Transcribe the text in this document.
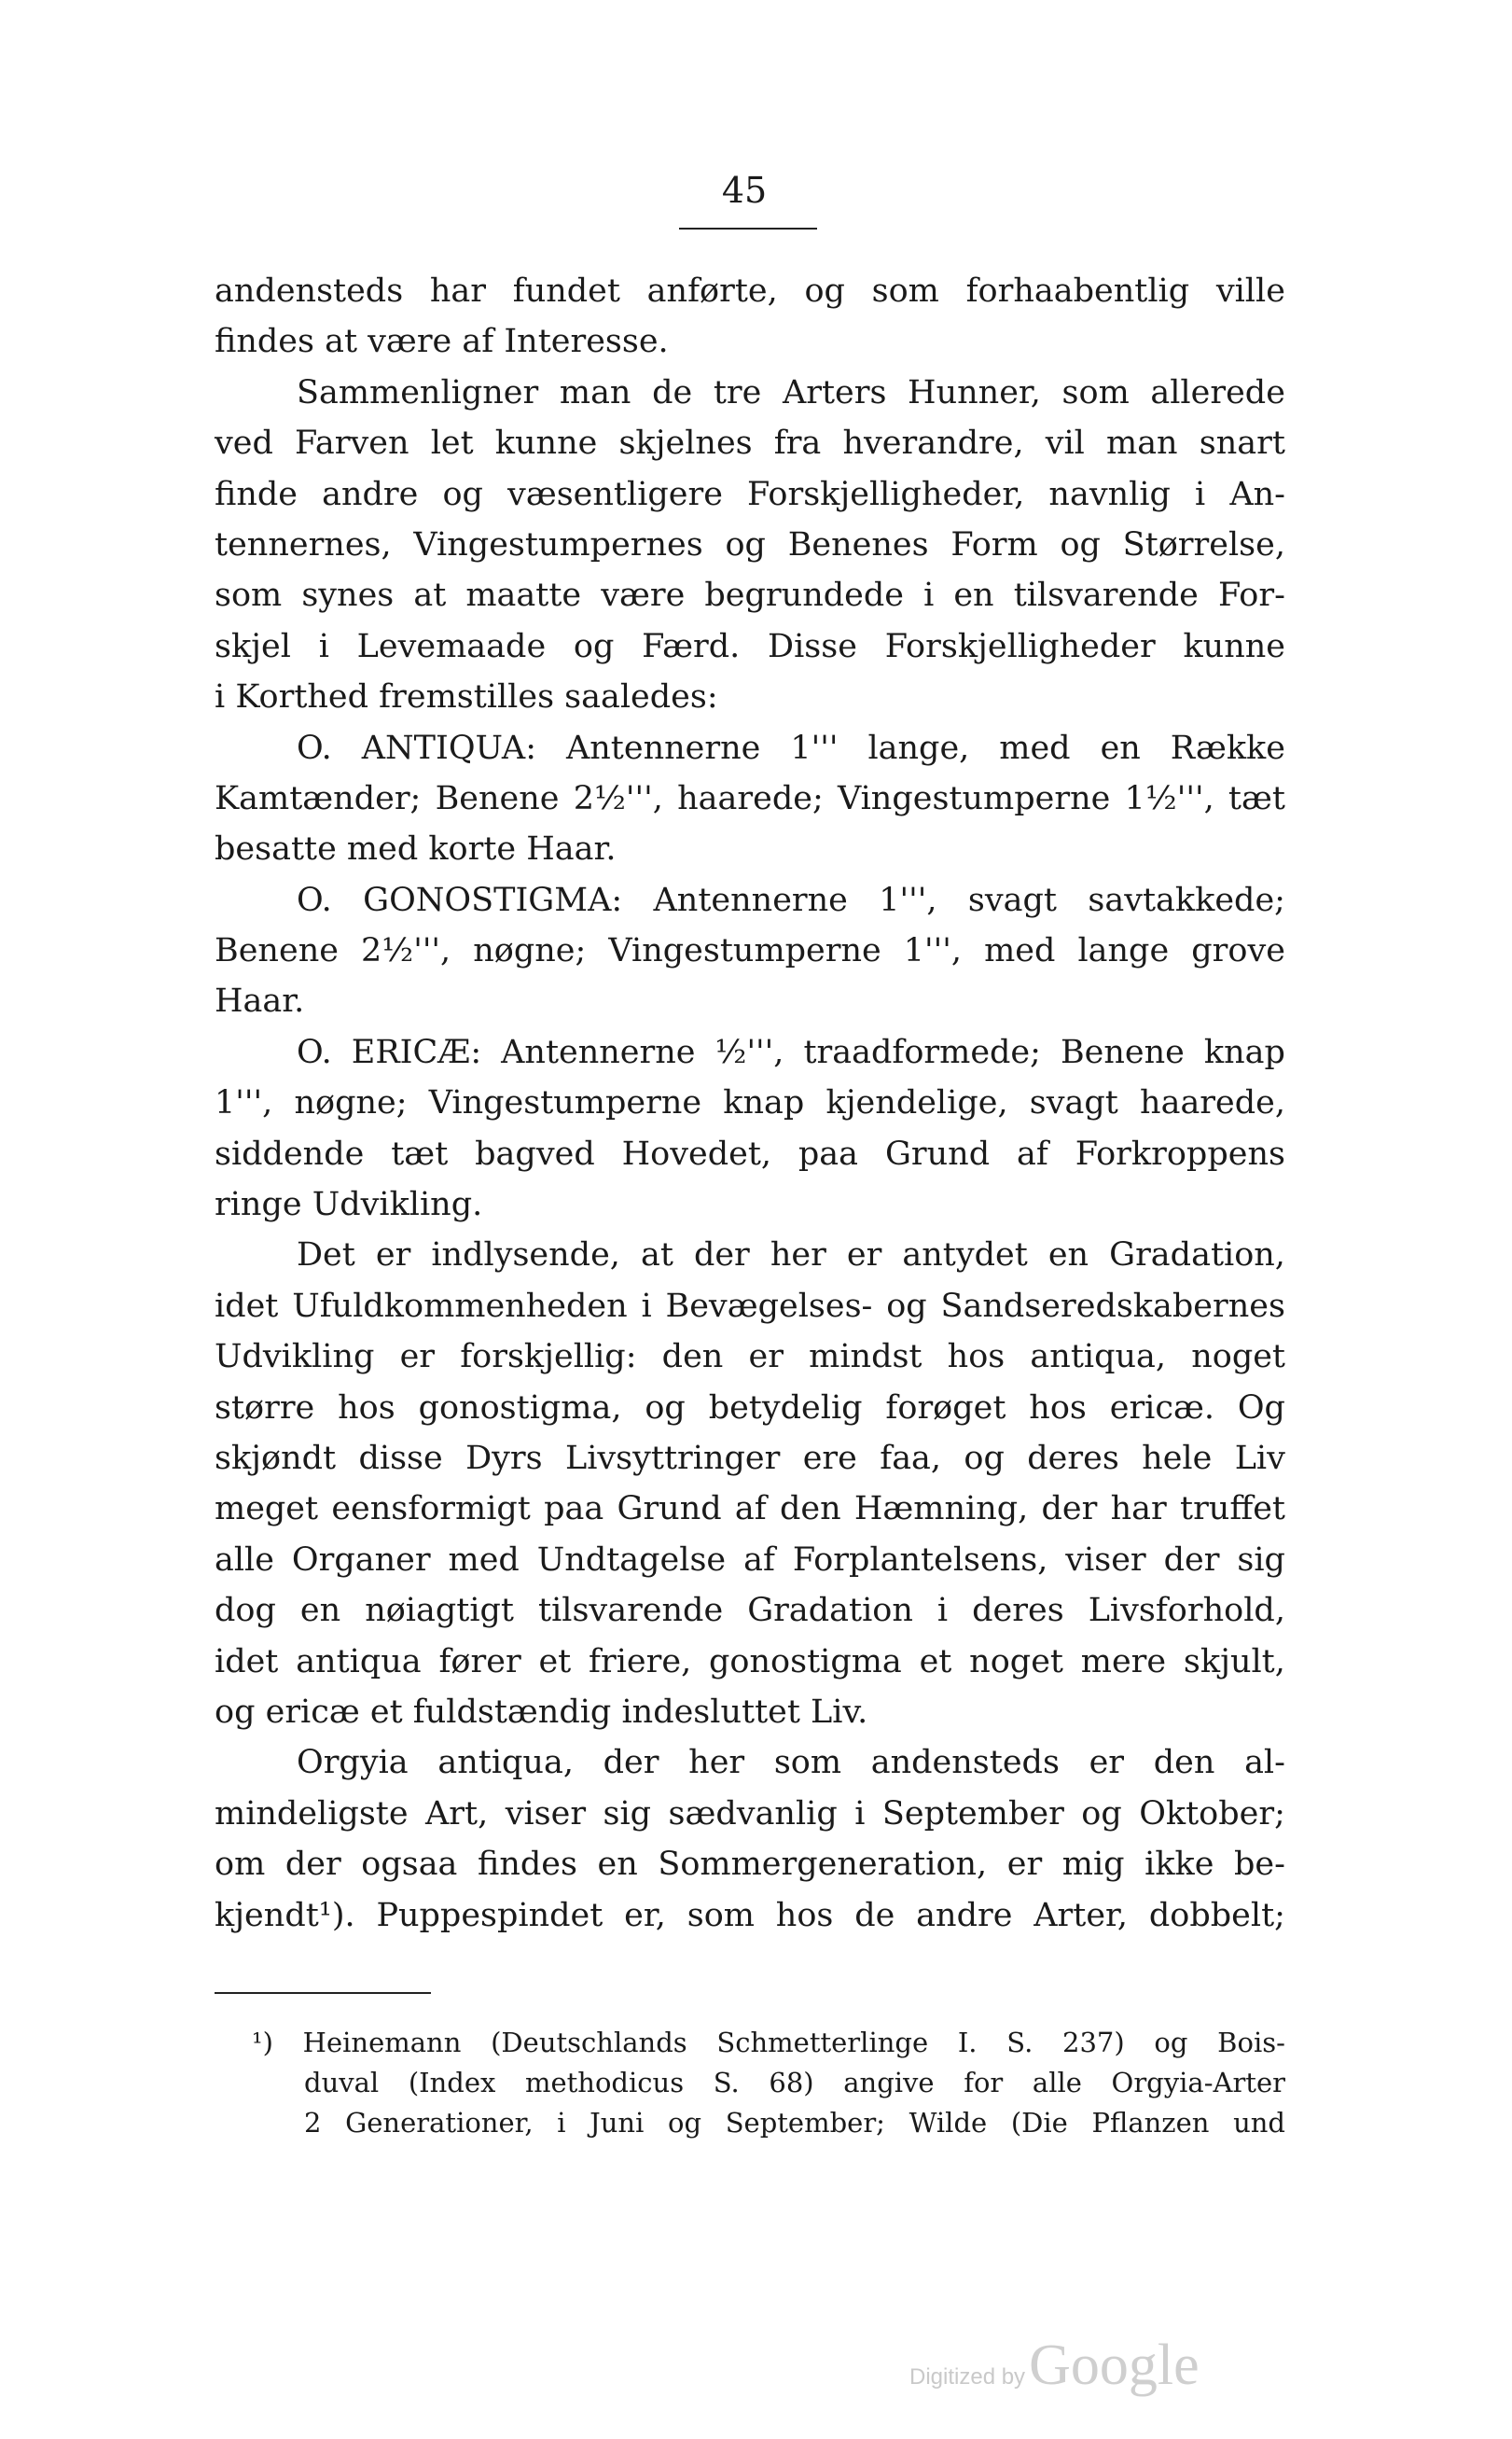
45
andensteds har fundet anførte, og som forhaabentlig ville
findes at være af Interesse.
Sammenligner man de tre Arters Hunner, som allerede
ved Farven let kunne skjelnes fra hverandre, vil man snart
finde andre og væsentligere Forskjelligheder, navnlig i An-
tennernes, Vingestumpernes og Benenes Form og Størrelse,
som synes at maatte være begrundede i en tilsvarende For-
skjel i Levemaade og Færd. Disse Forskjelligheder kunne
i Korthed fremstilles saaledes:
O. ANTIQUA: Antennerne 1''' lange, med en Række
Kamtænder; Benene 2½''', haarede; Vingestumperne 1½''', tæt
besatte med korte Haar.
O. GONOSTIGMA: Antennerne 1''', svagt savtakkede;
Benene 2½''', nøgne; Vingestumperne 1''', med lange grove
Haar.
O. ERICÆ: Antennerne ½''', traadformede; Benene knap
1''', nøgne; Vingestumperne knap kjendelige, svagt haarede,
siddende tæt bagved Hovedet, paa Grund af Forkroppens
ringe Udvikling.
Det er indlysende, at der her er antydet en Gradation,
idet Ufuldkommenheden i Bevægelses- og Sandseredskabernes
Udvikling er forskjellig: den er mindst hos antiqua, noget
større hos gonostigma, og betydelig forøget hos ericæ. Og
skjøndt disse Dyrs Livsyttringer ere faa, og deres hele Liv
meget eensformigt paa Grund af den Hæmning, der har truffet
alle Organer med Undtagelse af Forplantelsens, viser der sig
dog en nøiagtigt tilsvarende Gradation i deres Livsforhold,
idet antiqua fører et friere, gonostigma et noget mere skjult,
og ericæ et fuldstændig indesluttet Liv.
Orgyia antiqua, der her som andensteds er den al-
mindeligste Art, viser sig sædvanlig i September og Oktober;
om der ogsaa findes en Sommergeneration, er mig ikke be-
kjendt¹). Puppespindet er, som hos de andre Arter, dobbelt;
¹) Heinemann (Deutschlands Schmetterlinge I. S. 237) og Bois-
duval (Index methodicus S. 68) angive for alle Orgyia-Arter
2 Generationer, i Juni og September; Wilde (Die Pflanzen und
Digitized by Google
